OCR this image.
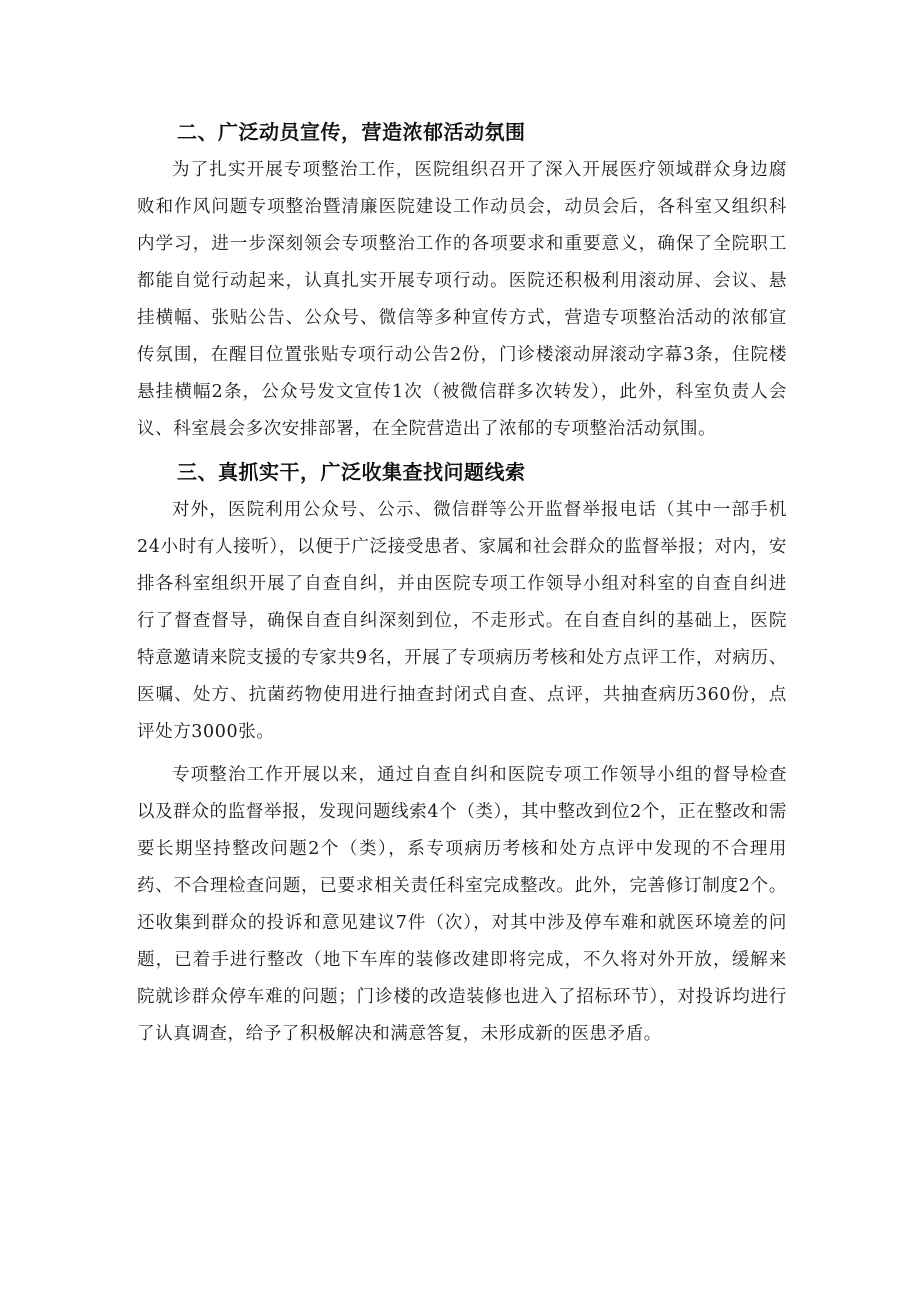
二、广泛动员宣传，营造浓郁活动氛围

为了扎实开展专项整治工作，医院组织召开了深入开展医疗领域群众身边腐败和作风问题专项整治暨清廉医院建设工作动员会，动员会后，各科室又组织科内学习，进一步深刻领会专项整治工作的各项要求和重要意义，确保了全院职工都能自觉行动起来，认真扎实开展专项行动。医院还积极利用滚动屏、会议、悬挂横幅、张贴公告、公众号、微信等多种宣传方式，营造专项整治活动的浓郁宣传氛围，在醒目位置张贴专项行动公告2份，门诊楼滚动屏滚动字幕3条，住院楼悬挂横幅2条，公众号发文宣传1次（被微信群多次转发），此外，科室负责人会议、科室晨会多次安排部署，在全院营造出了浓郁的专项整治活动氛围。

三、真抓实干，广泛收集查找问题线索

对外，医院利用公众号、公示、微信群等公开监督举报电话（其中一部手机24小时有人接听），以便于广泛接受患者、家属和社会群众的监督举报；对内，安排各科室组织开展了自查自纠，并由医院专项工作领导小组对科室的自查自纠进行了督查督导，确保自查自纠深刻到位，不走形式。在自查自纠的基础上，医院特意邀请来院支援的专家共9名，开展了专项病历考核和处方点评工作，对病历、医嘱、处方、抗菌药物使用进行抽查封闭式自查、点评，共抽查病历360份，点评处方3000张。

专项整治工作开展以来，通过自查自纠和医院专项工作领导小组的督导检查以及群众的监督举报，发现问题线索4个（类），其中整改到位2个，正在整改和需要长期坚持整改问题2个（类），系专项病历考核和处方点评中发现的不合理用药、不合理检查问题，已要求相关责任科室完成整改。此外，完善修订制度2个。还收集到群众的投诉和意见建议7件（次），对其中涉及停车难和就医环境差的问题，已着手进行整改（地下车库的装修改建即将完成，不久将对外开放，缓解来院就诊群众停车难的问题；门诊楼的改造装修也进入了招标环节），对投诉均进行了认真调查，给予了积极解决和满意答复，未形成新的医患矛盾。
